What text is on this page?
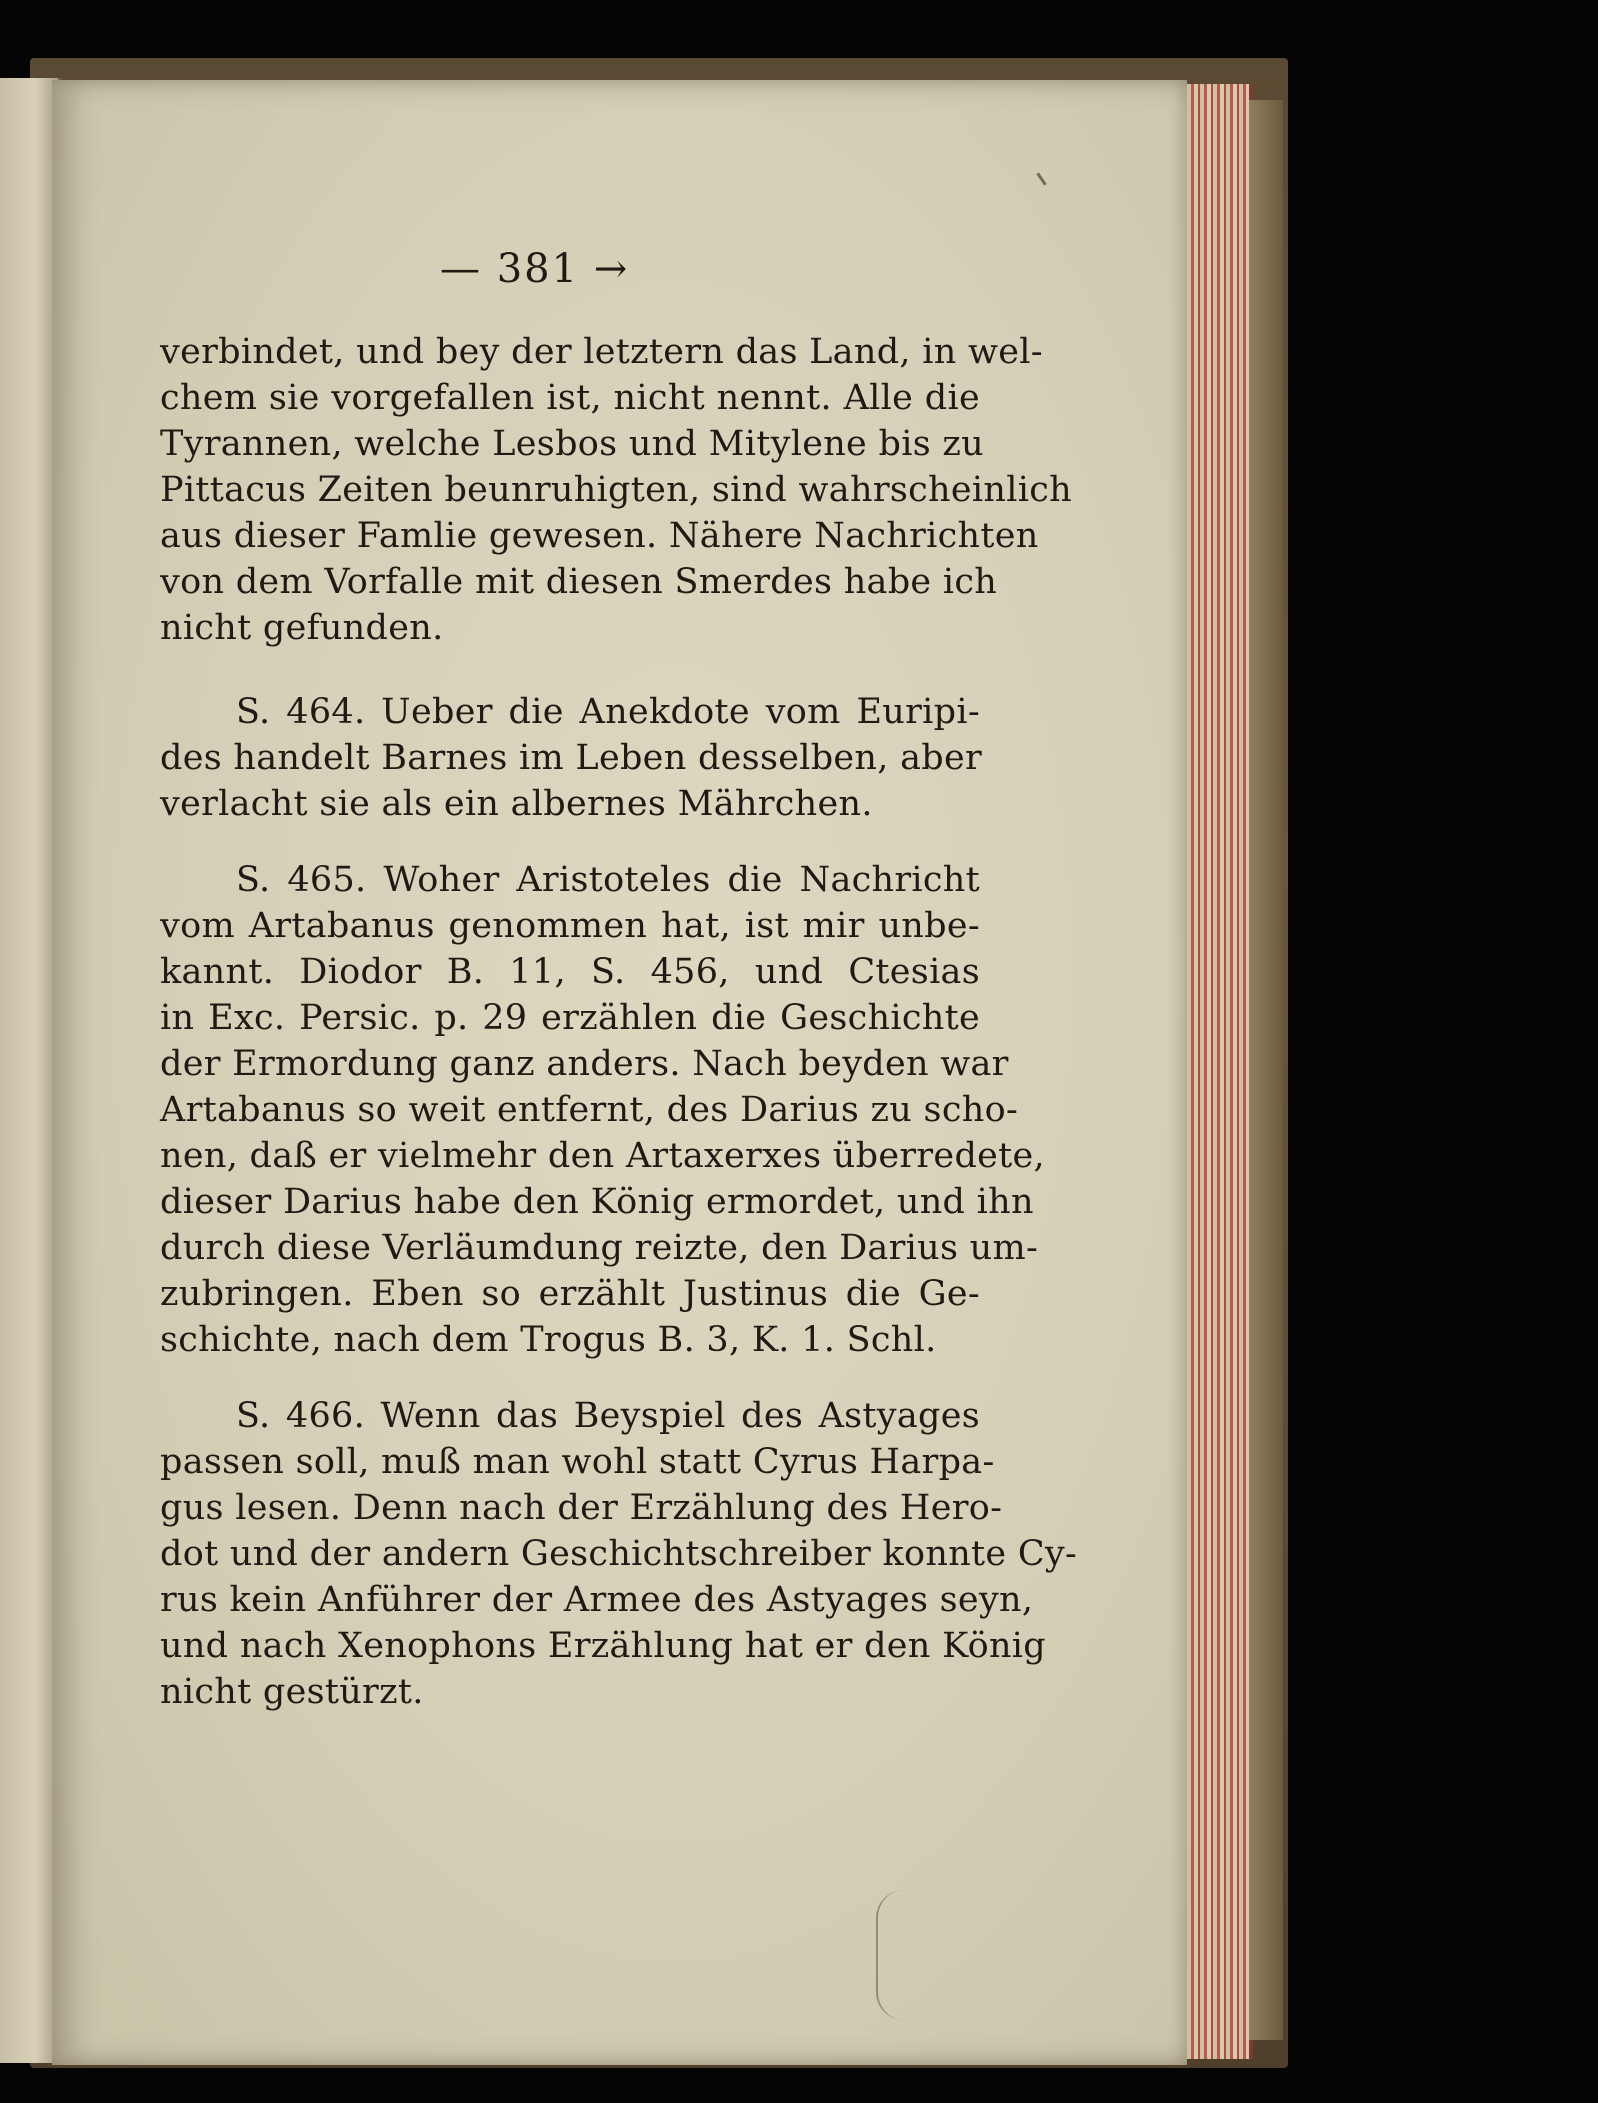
— 381 →
verbindet, und bey der letztern das Land, in wel-
chem sie vorgefallen ist, nicht nennt. Alle die
Tyrannen, welche Lesbos und Mitylene bis zu
Pittacus Zeiten beunruhigten, sind wahrscheinlich
aus dieser Famlie gewesen. Nähere Nachrichten
von dem Vorfalle mit diesen Smerdes habe ich
nicht gefunden.
S. 464. Ueber die Anekdote vom Euripi-
des handelt Barnes im Leben desselben, aber
verlacht sie als ein albernes Mährchen.
S. 465. Woher Aristoteles die Nachricht
vom Artabanus genommen hat, ist mir unbe-
kannt. Diodor B. 11, S. 456, und Ctesias
in Exc. Persic. p. 29 erzählen die Geschichte
der Ermordung ganz anders. Nach beyden war
Artabanus so weit entfernt, des Darius zu scho-
nen, daß er vielmehr den Artaxerxes überredete,
dieser Darius habe den König ermordet, und ihn
durch diese Verläumdung reizte, den Darius um-
zubringen. Eben so erzählt Justinus die Ge-
schichte, nach dem Trogus B. 3, K. 1. Schl.
S. 466. Wenn das Beyspiel des Astyages
passen soll, muß man wohl statt Cyrus Harpa-
gus lesen. Denn nach der Erzählung des Hero-
dot und der andern Geschichtschreiber konnte Cy-
rus kein Anführer der Armee des Astyages seyn,
und nach Xenophons Erzählung hat er den König
nicht gestürzt.
